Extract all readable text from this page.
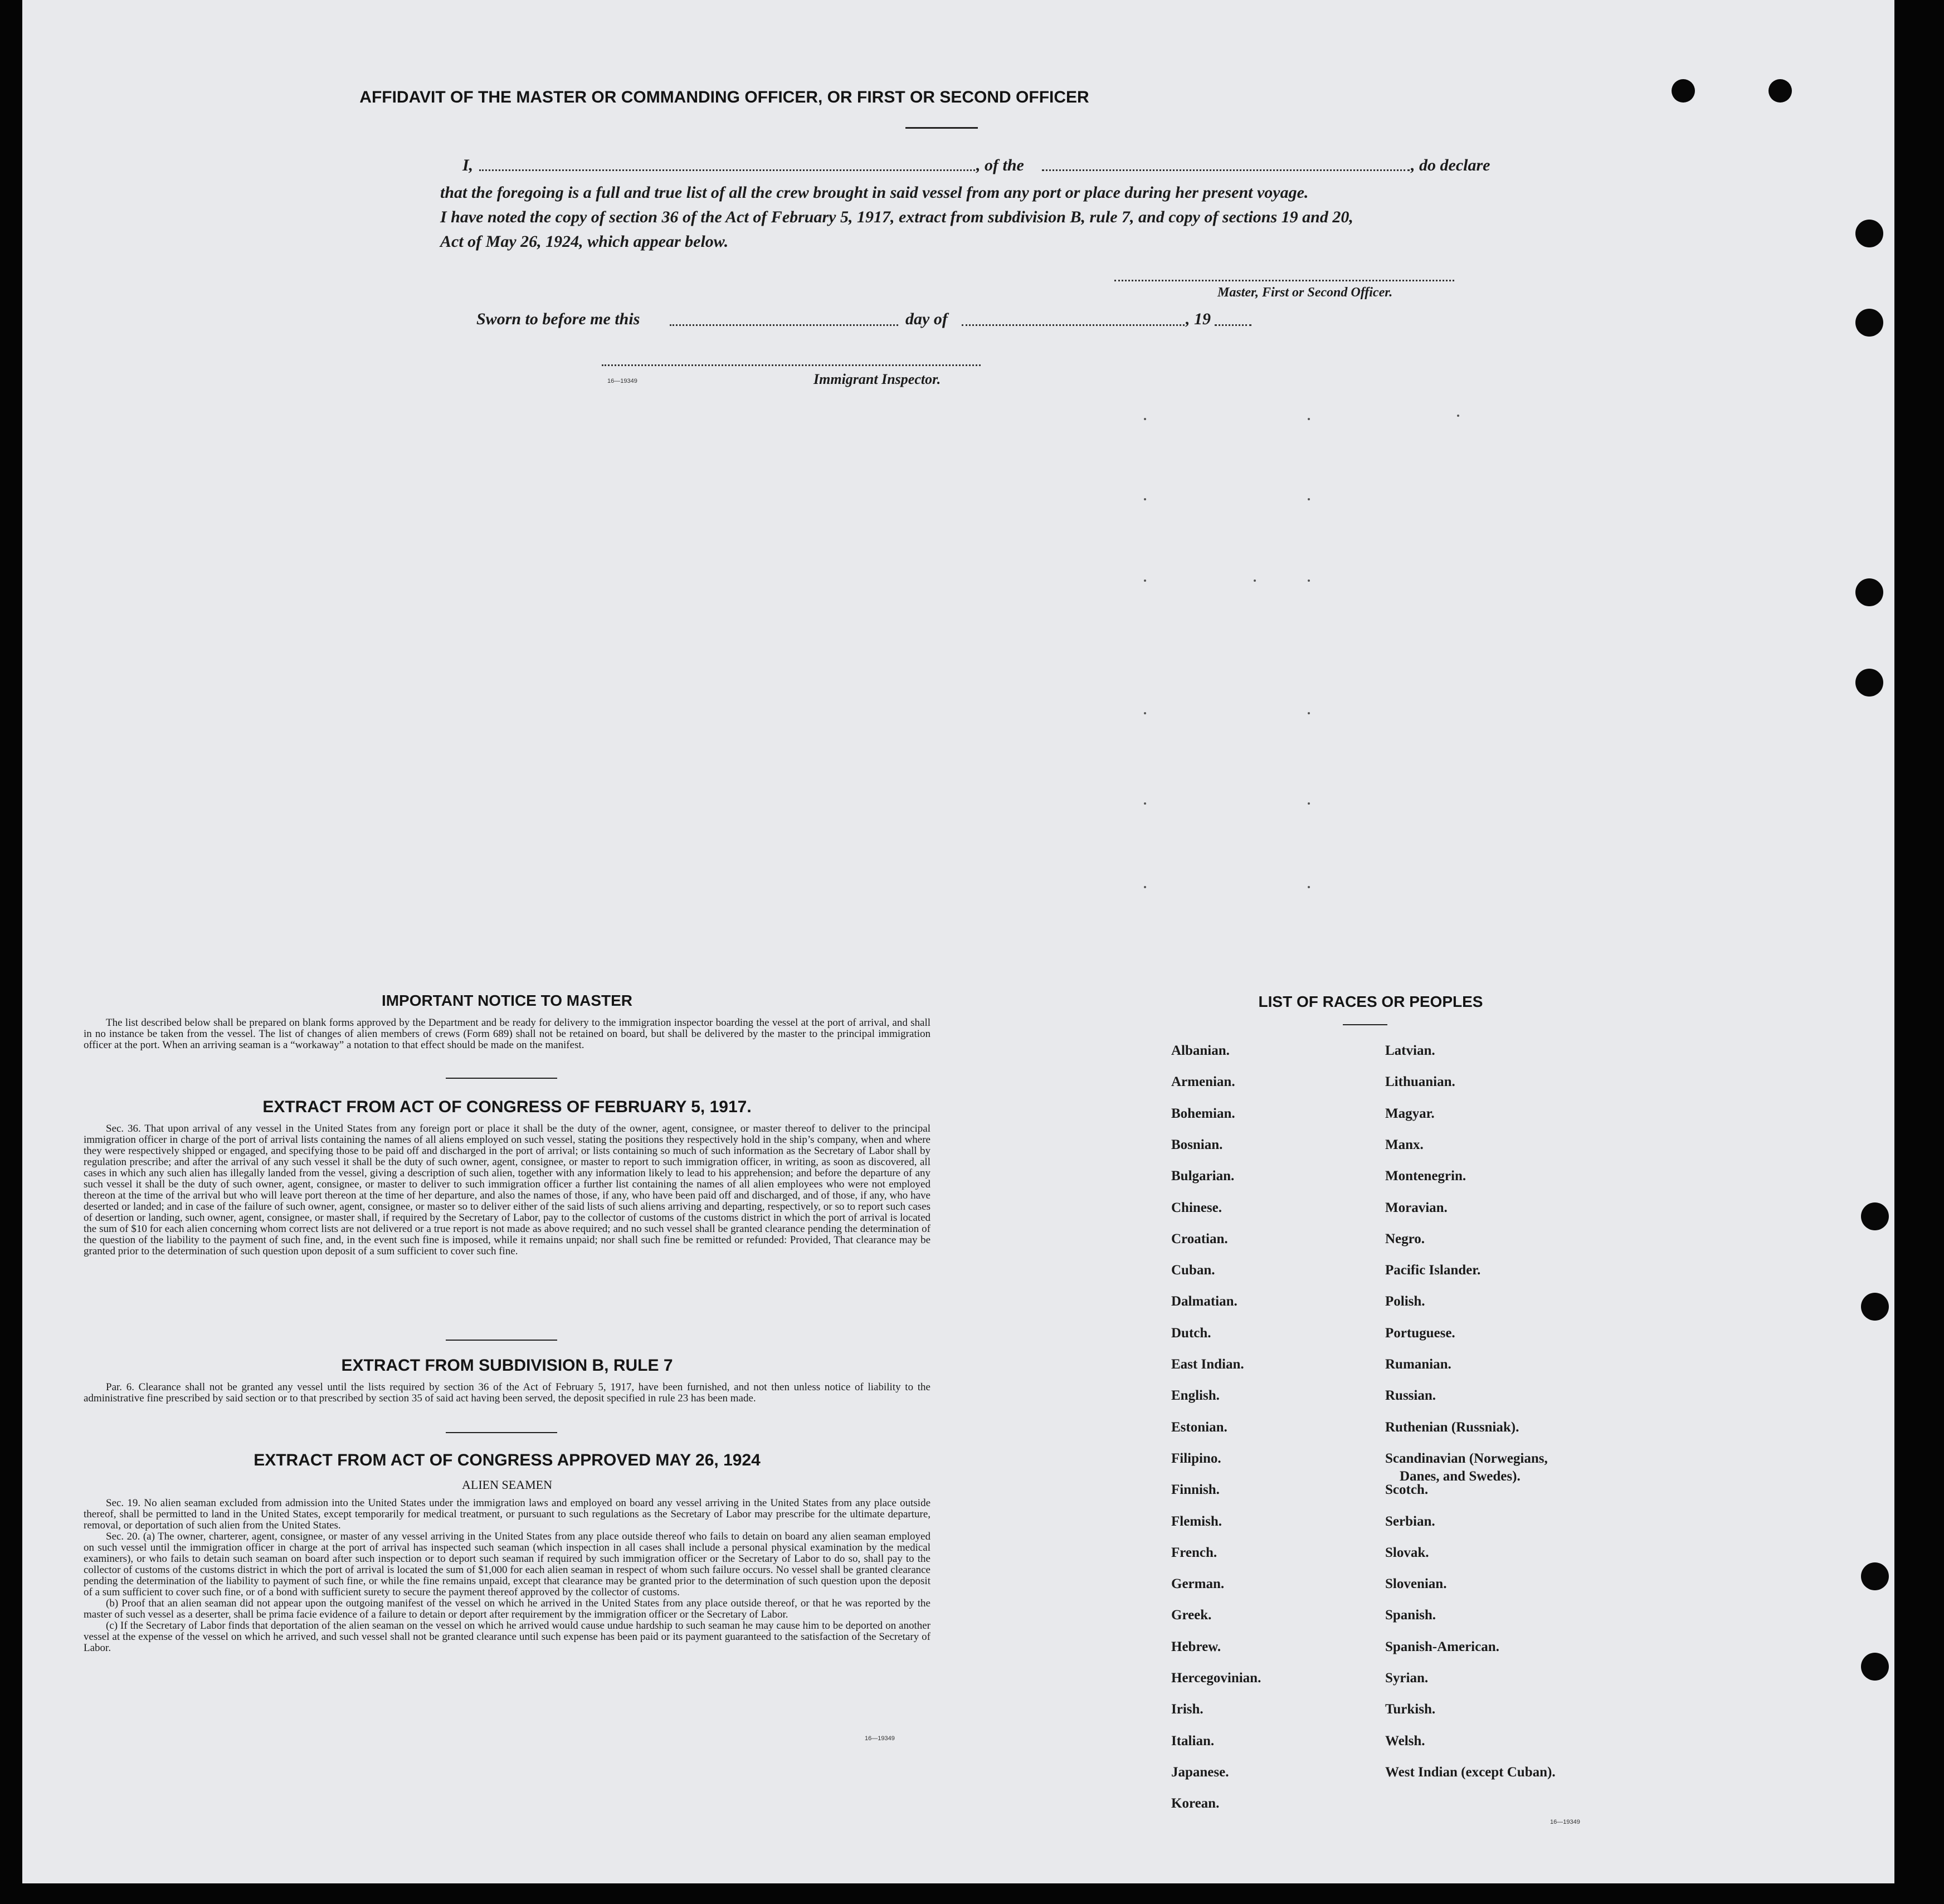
AFFIDAVIT OF THE MASTER OR COMMANDING OFFICER, OR FIRST OR SECOND OFFICER
I,	, of the	, do declare
that the foregoing is a full and true list of all the crew brought in said vessel from any port or place during her present voyage.
I have noted the copy of section 36 of the Act of February 5, 1917, extract from subdivision B, rule 7, and copy of sections 19 and 20,
Act of May 26, 1924, which appear below.
Master, First or Second Officer.
Sworn to before me this	day of	, 19
16—19349	Immigrant Inspector.
IMPORTANT NOTICE TO MASTER

The list described below shall be prepared on blank forms approved by the Department and be ready for delivery to the immigration inspector boarding the vessel at the port of arrival, and shall in no instance be taken from the vessel. The list of changes of alien members of crews (Form 689) shall not be retained on board, but shall be delivered by the master to the principal immigration officer at the port. When an arriving seaman is a “workaway” a notation to that effect should be made on the manifest.

EXTRACT FROM ACT OF CONGRESS OF FEBRUARY 5, 1917.

Sec. 36. That upon arrival of any vessel in the United States from any foreign port or place it shall be the duty of the owner, agent, consignee, or master thereof to deliver to the principal immigration officer in charge of the port of arrival lists containing the names of all aliens employed on such vessel, stating the positions they respectively hold in the ship’s company, when and where they were respectively shipped or engaged, and specifying those to be paid off and discharged in the port of arrival; or lists containing so much of such information as the Secretary of Labor shall by regulation prescribe; and after the arrival of any such vessel it shall be the duty of such owner, agent, consignee, or master to report to such immigration officer, in writing, as soon as discovered, all cases in which any such alien has illegally landed from the vessel, giving a description of such alien, together with any information likely to lead to his apprehension; and before the departure of any such vessel it shall be the duty of such owner, agent, consignee, or master to deliver to such immigration officer a further list containing the names of all alien employees who were not employed thereon at the time of the arrival but who will leave port thereon at the time of her departure, and also the names of those, if any, who have been paid off and discharged, and of those, if any, who have deserted or landed; and in case of the failure of such owner, agent, consignee, or master so to deliver either of the said lists of such aliens arriving and departing, respectively, or so to report such cases of desertion or landing, such owner, agent, consignee, or master shall, if required by the Secretary of Labor, pay to the collector of customs of the customs district in which the port of arrival is located the sum of $10 for each alien concerning whom correct lists are not delivered or a true report is not made as above required; and no such vessel shall be granted clearance pending the determination of the question of the liability to the payment of such fine, and, in the event such fine is imposed, while it remains unpaid; nor shall such fine be remitted or refunded: Provided, That clearance may be granted prior to the determination of such question upon deposit of a sum sufficient to cover such fine.

EXTRACT FROM SUBDIVISION B, RULE 7

Par. 6. Clearance shall not be granted any vessel until the lists required by section 36 of the Act of February 5, 1917, have been furnished, and not then unless notice of liability to the administrative fine prescribed by said section or to that prescribed by section 35 of said act having been served, the deposit specified in rule 23 has been made.

EXTRACT FROM ACT OF CONGRESS APPROVED MAY 26, 1924
ALIEN SEAMEN

Sec. 19. No alien seaman excluded from admission into the United States under the immigration laws and employed on board any vessel arriving in the United States from any place outside thereof, shall be permitted to land in the United States, except temporarily for medical treatment, or pursuant to such regulations as the Secretary of Labor may prescribe for the ultimate departure, removal, or deportation of such alien from the United States.

Sec. 20. (a) The owner, charterer, agent, consignee, or master of any vessel arriving in the United States from any place outside thereof who fails to detain on board any alien seaman employed on such vessel until the immigration officer in charge at the port of arrival has inspected such seaman (which inspection in all cases shall include a personal physical examination by the medical examiners), or who fails to detain such seaman on board after such inspection or to deport such seaman if required by such immigration officer or the Secretary of Labor to do so, shall pay to the collector of customs of the customs district in which the port of arrival is located the sum of $1,000 for each alien seaman in respect of whom such failure occurs. No vessel shall be granted clearance pending the determination of the liability to payment of such fine, or while the fine remains unpaid, except that clearance may be granted prior to the determination of such question upon the deposit of a sum sufficient to cover such fine, or of a bond with sufficient surety to secure the payment thereof approved by the collector of customs.

(b) Proof that an alien seaman did not appear upon the outgoing manifest of the vessel on which he arrived in the United States from any place outside thereof, or that he was reported by the master of such vessel as a deserter, shall be prima facie evidence of a failure to detain or deport after requirement by the immigration officer or the Secretary of Labor.

(c) If the Secretary of Labor finds that deportation of the alien seaman on the vessel on which he arrived would cause undue hardship to such seaman he may cause him to be deported on another vessel at the expense of the vessel on which he arrived, and such vessel shall not be granted clearance until such expense has been paid or its payment guaranteed to the satisfaction of the Secretary of Labor.

16—19349
LIST OF RACES OR PEOPLES
Albanian.
Armenian.
Bohemian.
Bosnian.
Bulgarian.
Chinese.
Croatian.
Cuban.
Dalmatian.
Dutch.
East Indian.
English.
Estonian.
Filipino.
Finnish.
Flemish.
French.
German.
Greek.
Hebrew.
Hercegovinian.
Irish.
Italian.
Japanese.
Korean.
Latvian.
Lithuanian.
Magyar.
Manx.
Montenegrin.
Moravian.
Negro.
Pacific Islander.
Polish.
Portuguese.
Rumanian.
Russian.
Ruthenian (Russniak).
Scandinavian (Norwegians,
Danes, and Swedes).
Scotch.
Serbian.
Slovak.
Slovenian.
Spanish.
Spanish-American.
Syrian.
Turkish.
Welsh.
West Indian (except Cuban).
16—19349
